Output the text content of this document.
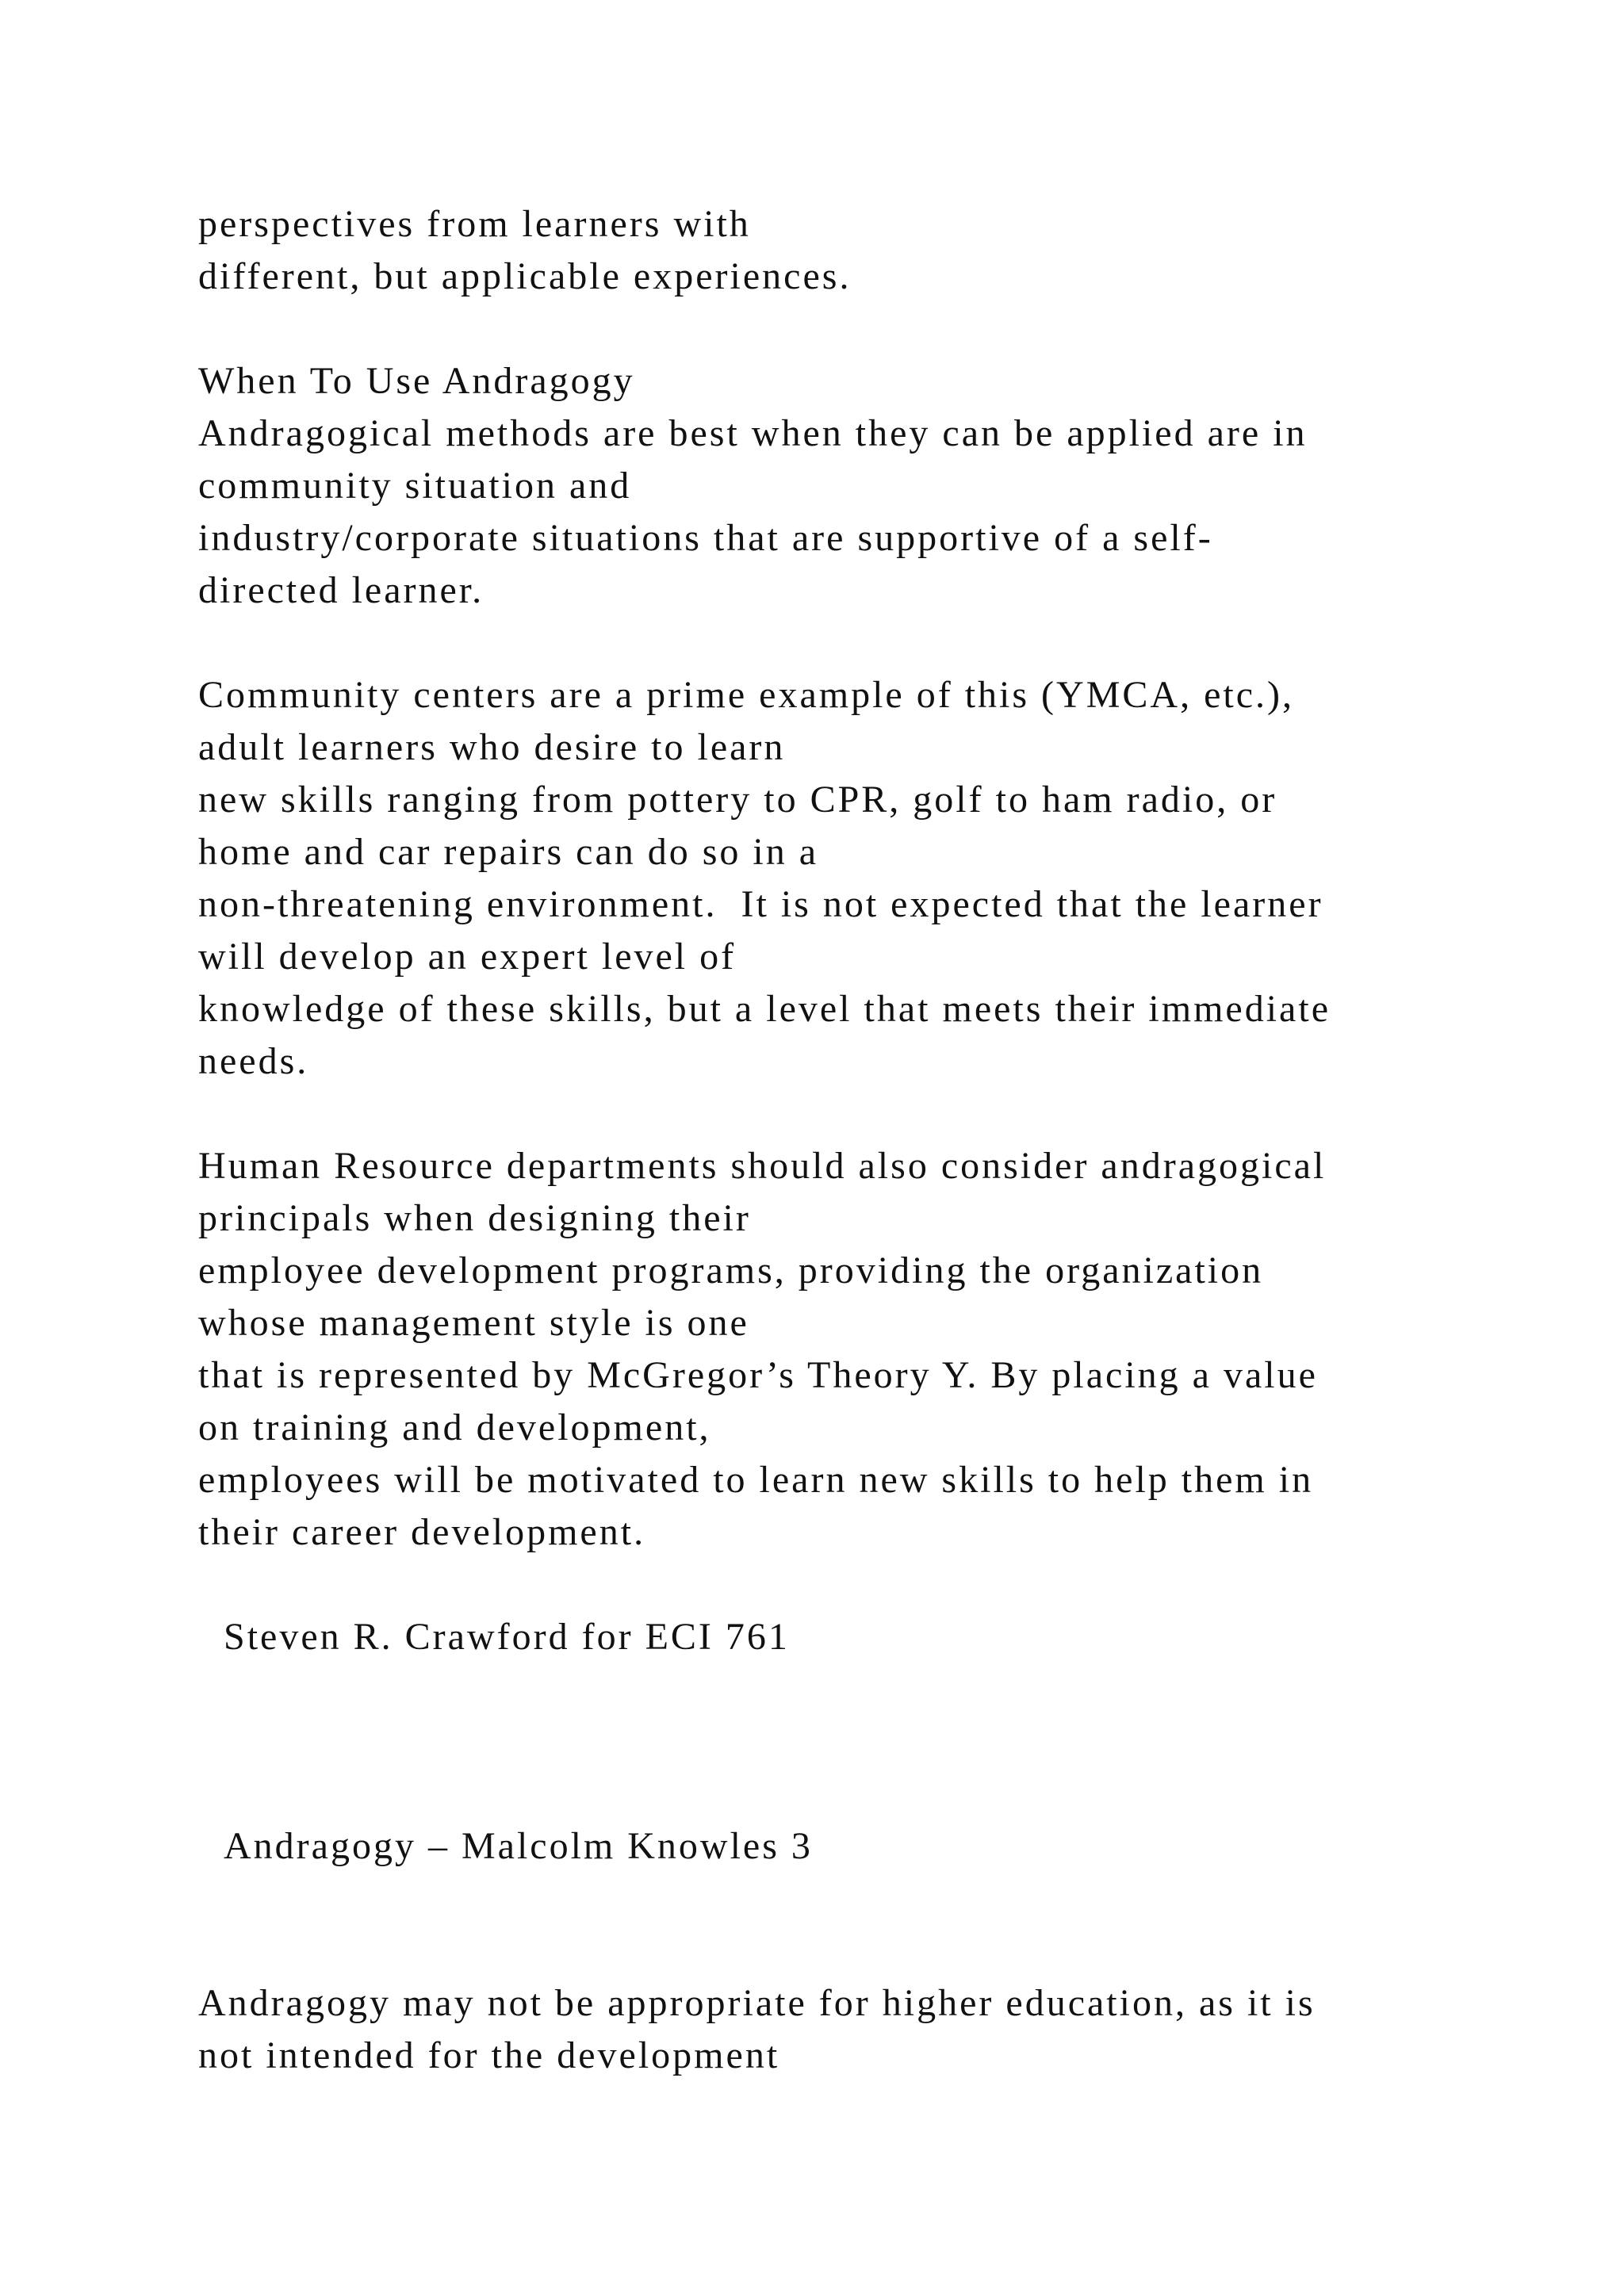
perspectives from learners with

different, but applicable experiences.

When To Use Andragogy

Andragogical methods are best when they can be applied are in

community situation and

industry/corporate situations that are supportive of a self-

directed learner.

Community centers are a prime example of this (YMCA, etc.),

adult learners who desire to learn

new skills ranging from pottery to CPR, golf to ham radio, or

home and car repairs can do so in a

non-threatening environment.  It is not expected that the learner

will develop an expert level of

knowledge of these skills, but a level that meets their immediate

needs.

Human Resource departments should also consider andragogical

principals when designing their

employee development programs, providing the organization

whose management style is one

that is represented by McGregor’s Theory Y. By placing a value

on training and development,

employees will be motivated to learn new skills to help them in

their career development.

Steven R. Crawford for ECI 761

Andragogy – Malcolm Knowles 3

Andragogy may not be appropriate for higher education, as it is

not intended for the development
